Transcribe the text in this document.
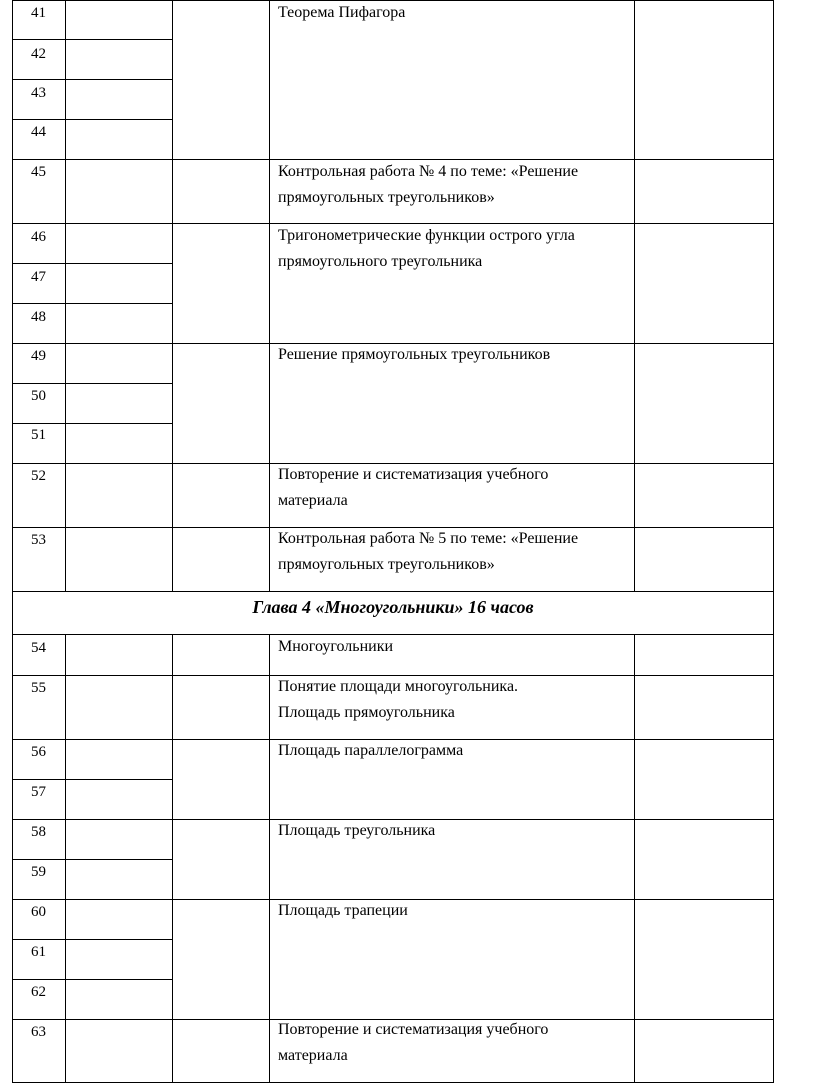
41
42
43
44
45
46
47
48
49
50
51
52
53
54
55
56
57
58
59
60
61
62
63
Теорема Пифагора
Контрольная работа № 4 по теме: «Решение прямоугольных треугольников»
Тригонометрические функции острого угла прямоугольного треугольника
Решение прямоугольных треугольников
Повторение и систематизация учебного материала
Контрольная работа № 5 по теме: «Решение прямоугольных треугольников»
Многоугольники
Понятие площади многоугольника. Площадь прямоугольника
Площадь параллелограмма
Площадь треугольника
Площадь трапеции
Повторение и систематизация учебного материала
Глава 4 «Многоугольники» 16 часов
